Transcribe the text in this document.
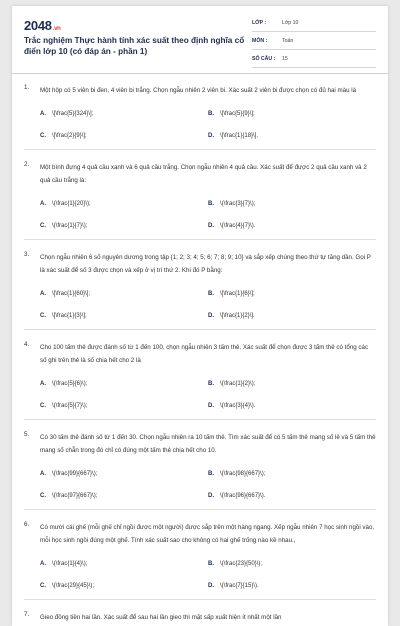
2048.vn
Trắc nghiệm Thực hành tính xác suất theo định nghĩa cổ điển lớp 10 (có đáp án - phần 1)
LỚP :	Lớp 10
MÔN :	Toán
SỐ CÂU :	15
1. Một hộp có 5 viên bi đen, 4 viên bi trắng. Chọn ngẫu nhiên 2 viên bi. Xác suất 2 viên bi được chọn có đủ hai màu là
A.	\[\frac{5}{324}\];	B.	\[\frac{5}{9}\];
C.	\[\frac{2}{9}\];	D.	\[\frac{1}{18}\].
2. Một bình đựng 4 quả cầu xanh và 6 quả cầu trắng. Chọn ngẫu nhiên 4 quả cầu. Xác suất để được 2 quả cầu xanh và 2 quả cầu trắng là:
A.	\(\frac{1}{20}\);	B.	\(\frac{3}{7}\);
C.	\(\frac{1}{7}\);	D.	\(\frac{4}{7}\).
3. Chọn ngẫu nhiên 6 số nguyên dương trong tập {1; 2; 3; 4; 5; 6; 7; 8; 9; 10} và sắp xếp chúng theo thứ tự tăng dần. Gọi P là xác suất để số 3 được chọn và xếp ở vị trí thứ 2. Khi đó P bằng:
A.	\[\frac{1}{60}\];	B.	\[\frac{1}{6}\];
C.	\[\frac{1}{3}\];	D.	\[\frac{1}{2}\].
4. Cho 100 tấm thẻ được đánh số từ 1 đến 100, chọn ngẫu nhiên 3 tấm thẻ. Xác suất để chọn được 3 tấm thẻ có tổng các số ghi trên thẻ là số chia hết cho 2 là
A.	\(\frac{5}{6}\);	B.	\(\frac{1}{2}\);
C.	\(\frac{5}{7}\);	D.	\(\frac{3}{4}\).
5. Có 30 tấm thẻ đánh số từ 1 đến 30. Chọn ngẫu nhiên ra 10 tấm thẻ. Tìm xác suất để có 5 tấm thẻ mang số lẻ và 5 tấm thẻ mang số chẵn trong đó chỉ có đúng một tấm thẻ chia hết cho 10.
A.	\(\frac{99}{667}\);	B.	\(\frac{98}{667}\);
C.	\(\frac{97}{667}\);	D.	\(\frac{96}{667}\).
6. Có mười cái ghế (mỗi ghế chỉ ngồi được một người) được sắp trên một hàng ngang. Xếp ngẫu nhiên 7 học sinh ngồi vào, mỗi học sinh ngồi đúng một ghế. Tính xác suất sao cho không có hai ghế trống nào kề nhau.,
A.	\(\frac{1}{4}\);	B.	\(\frac{23}{50}\);
C.	\(\frac{29}{45}\);	D.	\(\frac{7}{15}\).
7. Gieo đồng tiền hai lần. Xác suất để sau hai lần gieo thì mặt sấp xuất hiện ít nhất một lần
